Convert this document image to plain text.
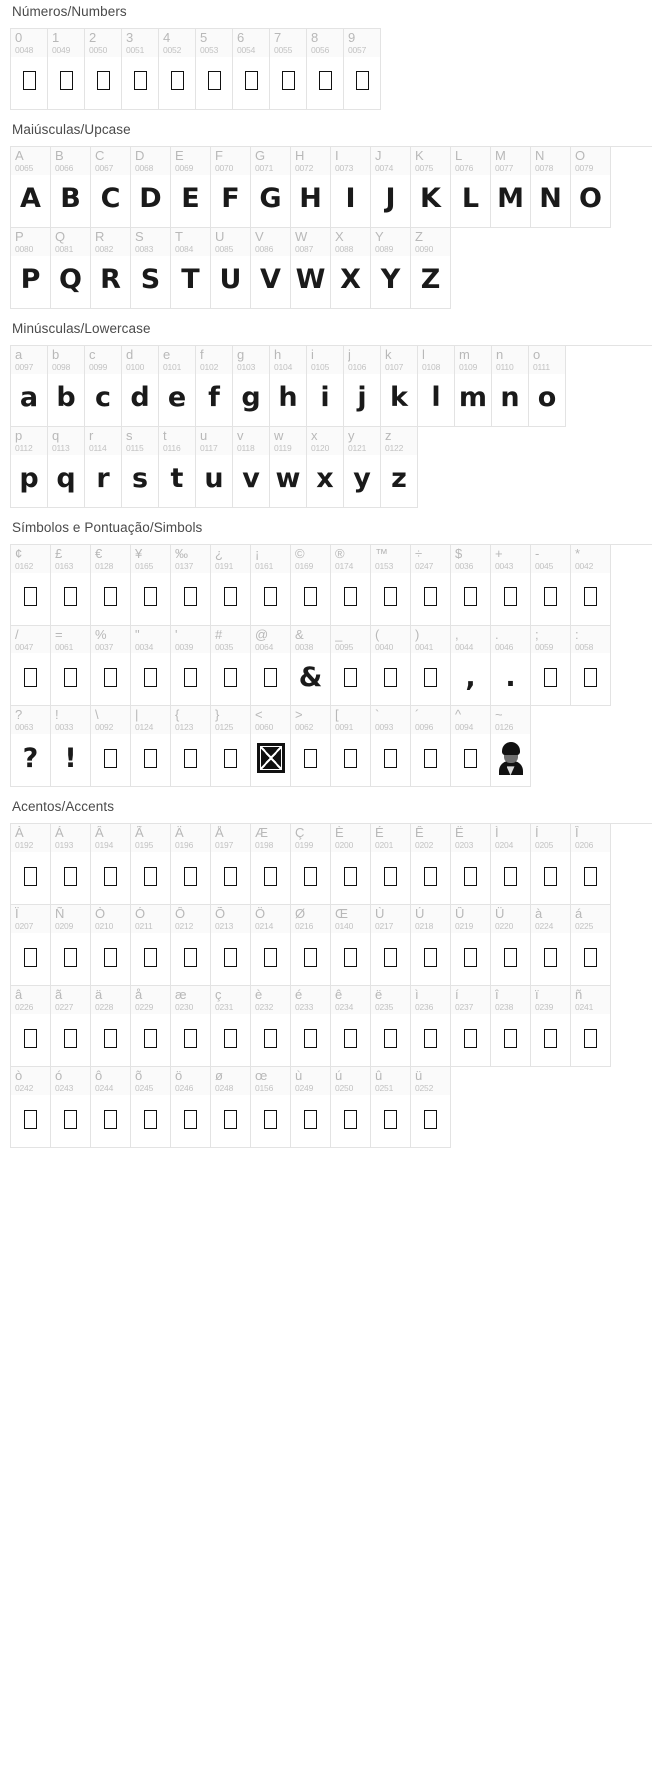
Números/Numbers
0
0048
1
0049
2
0050
3
0051
4
0052
5
0053
6
0054
7
0055
8
0056
9
0057
Maiúsculas/Upcase
A
0065
A
B
0066
B
C
0067
C
D
0068
D
E
0069
E
F
0070
F
G
0071
G
H
0072
H
I
0073
I
J
0074
J
K
0075
K
L
0076
L
M
0077
M
N
0078
N
O
0079
O
P
0080
P
Q
0081
Q
R
0082
R
S
0083
S
T
0084
T
U
0085
U
V
0086
V
W
0087
W
X
0088
X
Y
0089
Y
Z
0090
Z
Minúsculas/Lowercase
a
0097
a
b
0098
b
c
0099
c
d
0100
d
e
0101
e
f
0102
f
g
0103
g
h
0104
h
i
0105
i
j
0106
j
k
0107
k
l
0108
l
m
0109
m
n
0110
n
o
0111
o
p
0112
p
q
0113
q
r
0114
r
s
0115
s
t
0116
t
u
0117
u
v
0118
v
w
0119
w
x
0120
x
y
0121
y
z
0122
z
Símbolos e Pontuação/Simbols
¢
0162
£
0163
€
0128
¥
0165
‰
0137
¿
0191
¡
0161
©
0169
®
0174
™
0153
÷
0247
$
0036
+
0043
-
0045
*
0042
/
0047
=
0061
%
0037
"
0034
'
0039
#
0035
@
0064
&
0038
&
_
0095
(
0040
)
0041
,
0044
,
.
0046
.
;
0059
:
0058
?
0063
?
!
0033
!
\
0092
|
0124
{
0123
}
0125
<
0060
>
0062
[
0091
`
0093
´
0096
^
0094
~
0126
Acentos/Accents
À
0192
Á
0193
Â
0194
Ã
0195
Ä
0196
Å
0197
Æ
0198
Ç
0199
È
0200
É
0201
Ê
0202
Ë
0203
Ì
0204
Í
0205
Î
0206
Ï
0207
Ñ
0209
Ò
0210
Ó
0211
Ô
0212
Õ
0213
Ö
0214
Ø
0216
Œ
0140
Ù
0217
Ú
0218
Û
0219
Ü
0220
à
0224
á
0225
â
0226
ã
0227
ä
0228
å
0229
æ
0230
ç
0231
è
0232
é
0233
ê
0234
ë
0235
ì
0236
í
0237
î
0238
ï
0239
ñ
0241
ò
0242
ó
0243
ô
0244
õ
0245
ö
0246
ø
0248
œ
0156
ù
0249
ú
0250
û
0251
ü
0252
